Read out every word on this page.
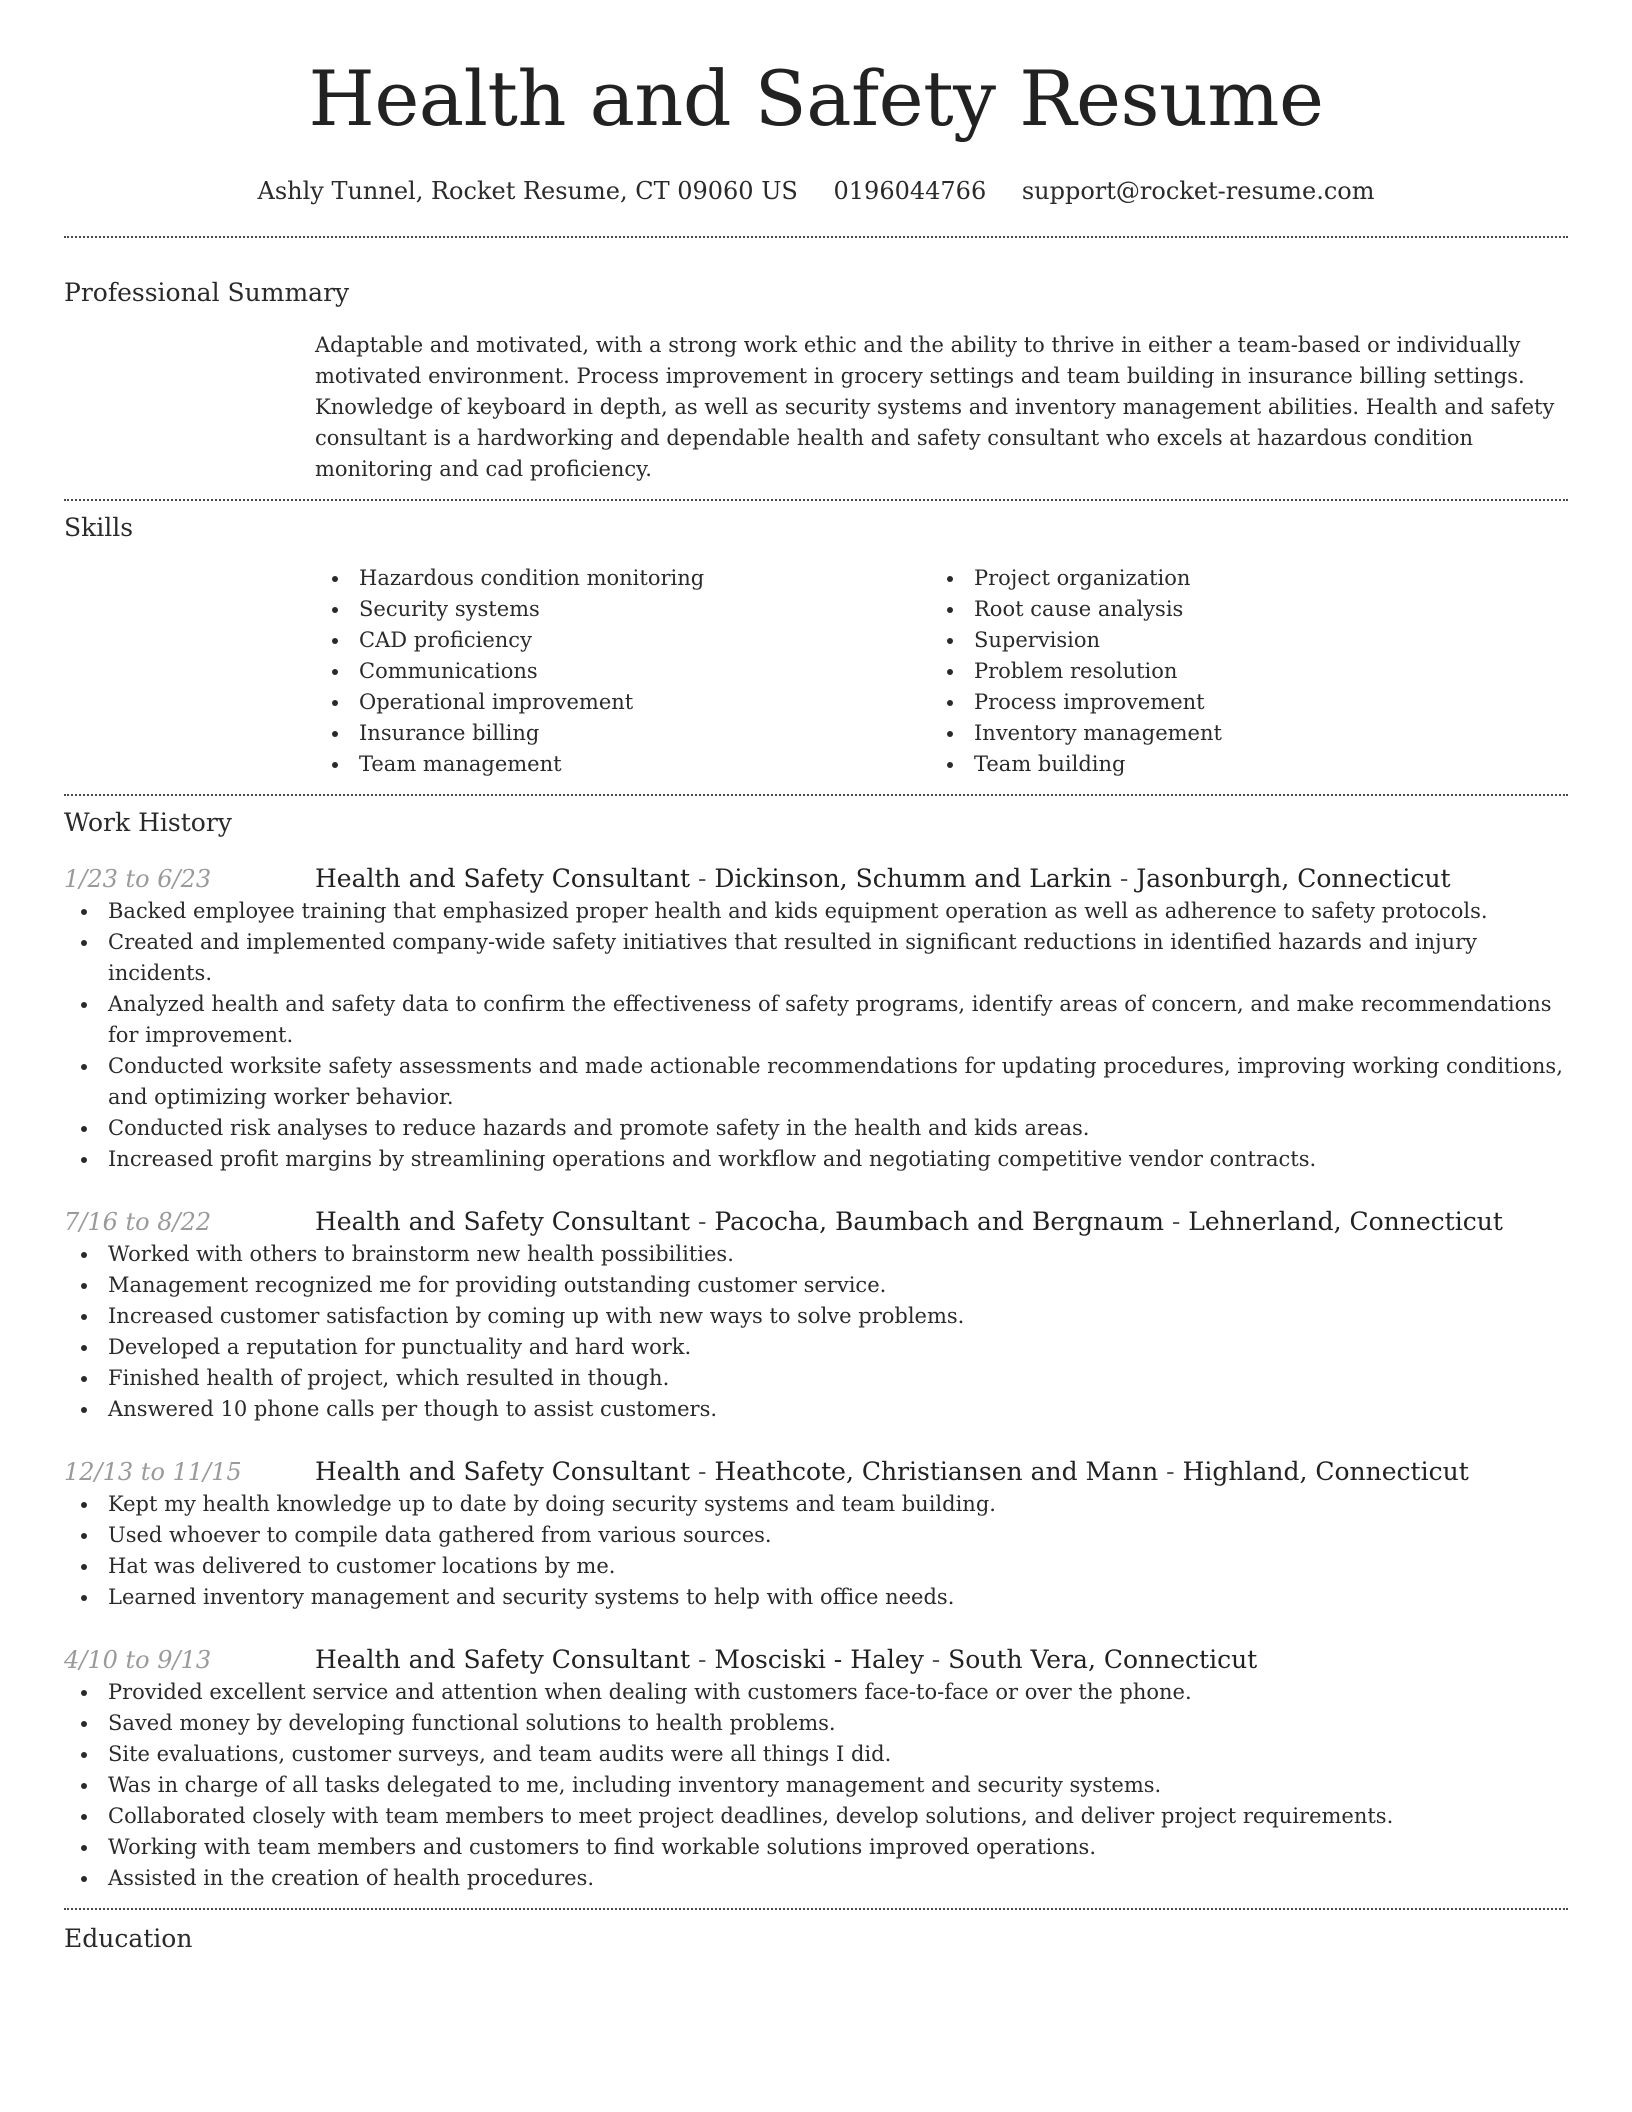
Health and Safety Resume
Ashly Tunnel, Rocket Resume, CT 09060 US 0196044766 support@rocket-resume.com
Professional Summary

Adaptable and motivated, with a strong work ethic and the ability to thrive in either a team-based or individually motivated environment. Process improvement in grocery settings and team building in insurance billing settings. Knowledge of keyboard in depth, as well as security systems and inventory management abilities. Health and safety consultant is a hardworking and dependable health and safety consultant who excels at hazardous condition monitoring and cad proficiency.

Skills
Hazardous condition monitoring
Security systems
CAD proficiency
Communications
Operational improvement
Insurance billing
Team management
Project organization
Root cause analysis
Supervision
Problem resolution
Process improvement
Inventory management
Team building
Work History
1/23 to 6/23	Health and Safety Consultant - Dickinson, Schumm and Larkin - Jasonburgh, Connecticut
Backed employee training that emphasized proper health and kids equipment operation as well as adherence to safety protocols.
Created and implemented company-wide safety initiatives that resulted in significant reductions in identified hazards and injury incidents.
Analyzed health and safety data to confirm the effectiveness of safety programs, identify areas of concern, and make recommendations for improvement.
Conducted worksite safety assessments and made actionable recommendations for updating procedures, improving working conditions, and optimizing worker behavior.
Conducted risk analyses to reduce hazards and promote safety in the health and kids areas.
Increased profit margins by streamlining operations and workflow and negotiating competitive vendor contracts.
7/16 to 8/22	Health and Safety Consultant - Pacocha, Baumbach and Bergnaum - Lehnerland, Connecticut
Worked with others to brainstorm new health possibilities.
Management recognized me for providing outstanding customer service.
Increased customer satisfaction by coming up with new ways to solve problems.
Developed a reputation for punctuality and hard work.
Finished health of project, which resulted in though.
Answered 10 phone calls per though to assist customers.
12/13 to 11/15	Health and Safety Consultant - Heathcote, Christiansen and Mann - Highland, Connecticut
Kept my health knowledge up to date by doing security systems and team building.
Used whoever to compile data gathered from various sources.
Hat was delivered to customer locations by me.
Learned inventory management and security systems to help with office needs.
4/10 to 9/13	Health and Safety Consultant - Mosciski - Haley - South Vera, Connecticut
Provided excellent service and attention when dealing with customers face-to-face or over the phone.
Saved money by developing functional solutions to health problems.
Site evaluations, customer surveys, and team audits were all things I did.
Was in charge of all tasks delegated to me, including inventory management and security systems.
Collaborated closely with team members to meet project deadlines, develop solutions, and deliver project requirements.
Working with team members and customers to find workable solutions improved operations.
Assisted in the creation of health procedures.
Education
